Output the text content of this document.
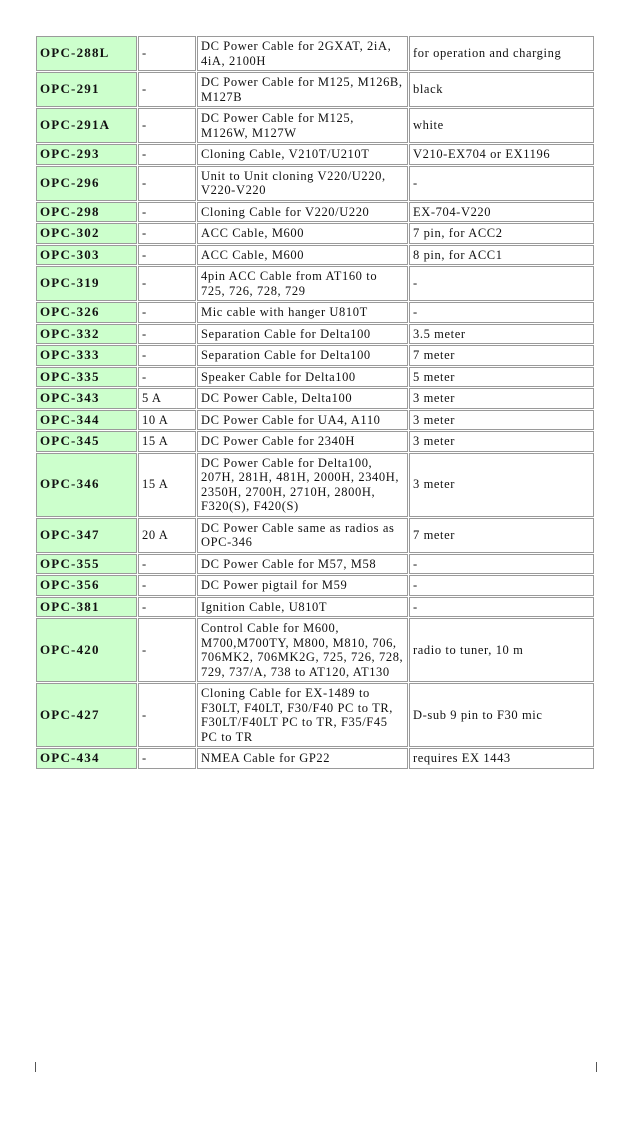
OPC-288L	-	DC Power Cable for 2GXAT, 2iA, 4iA, 2100H	for operation and charging
OPC-291	-	DC Power Cable for M125, M126B, M127B	black
OPC-291A	-	DC Power Cable for M125, M126W, M127W	white
OPC-293	-	Cloning Cable, V210T/U210T	V210-EX704 or EX1196
OPC-296	-	Unit to Unit cloning V220/U220, V220-V220	-
OPC-298	-	Cloning Cable for V220/U220	EX-704-V220
OPC-302	-	ACC Cable, M600	7 pin, for ACC2
OPC-303	-	ACC Cable, M600	8 pin, for ACC1
OPC-319	-	4pin ACC Cable from AT160 to 725, 726, 728, 729	-
OPC-326	-	Mic cable with hanger U810T	-
OPC-332	-	Separation Cable for Delta100	3.5 meter
OPC-333	-	Separation Cable for Delta100	7 meter
OPC-335	-	Speaker Cable for Delta100	5 meter
OPC-343	5 A	DC Power Cable, Delta100	3 meter
OPC-344	10 A	DC Power Cable for UA4, A110	3 meter
OPC-345	15 A	DC Power Cable for 2340H	3 meter
OPC-346	15 A	DC Power Cable for Delta100, 207H, 281H, 481H, 2000H, 2340H, 2350H, 2700H, 2710H, 2800H, F320(S), F420(S)	3 meter
OPC-347	20 A	DC Power Cable same as radios as OPC-346	7 meter
OPC-355	-	DC Power Cable for M57, M58	-
OPC-356	-	DC Power pigtail for M59	-
OPC-381	-	Ignition Cable, U810T	-
OPC-420	-	Control Cable for M600, M700,M700TY, M800, M810, 706, 706MK2, 706MK2G, 725, 726, 728, 729, 737/A, 738 to AT120, AT130	radio to tuner, 10 m
OPC-427	-	Cloning Cable for EX-1489 to F30LT, F40LT, F30/F40 PC to TR, F30LT/F40LT PC to TR, F35/F45 PC to TR	D-sub 9 pin to F30 mic
OPC-434	-	NMEA Cable for GP22	requires EX 1443
